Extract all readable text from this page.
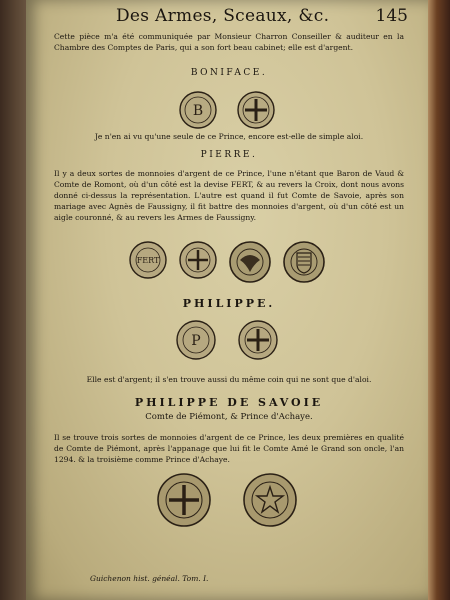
Des Armes, Sceaux, &c.	145
Cette pièce m'a été communiquée par Monsieur Charron Conseiller & auditeur en la Chambre des Comptes de Paris, qui a son fort beau cabinet; elle est d'argent.
BONIFACE.
B
Je n'en ai vu qu'une seule de ce Prince, encore est-elle de simple aloi.
PIERRE.
Il y a deux sortes de monnoies d'argent de ce Prince, l'une n'étant que Baron de Vaud & Comte de Romont, où d'un côté est la devise FERT, & au revers la Croix, dont nous avons donné ci-dessus la représentation. L'autre est quand il fut Comte de Savoie, après son mariage avec Agnès de Faussigny, il fit battre des monnoies d'argent, où d'un côté est un aigle couronné, & au revers les Armes de Faussigny.
FERT
PHILIPPE.
P
Elle est d'argent; il s'en trouve aussi du même coin qui ne sont que d'aloi.
PHILIPPE DE SAVOIE
Comte de Piémont, & Prince d'Achaye.
Il se trouve trois sortes de monnoies d'argent de ce Prince, les deux premières en qualité de Comte de Piémont, après l'appanage que lui fit le Comte Amé le Grand son oncle, l'an 1294. & la troisième comme Prince d'Achaye.
Guichenon hist. généal. Tom. I.
